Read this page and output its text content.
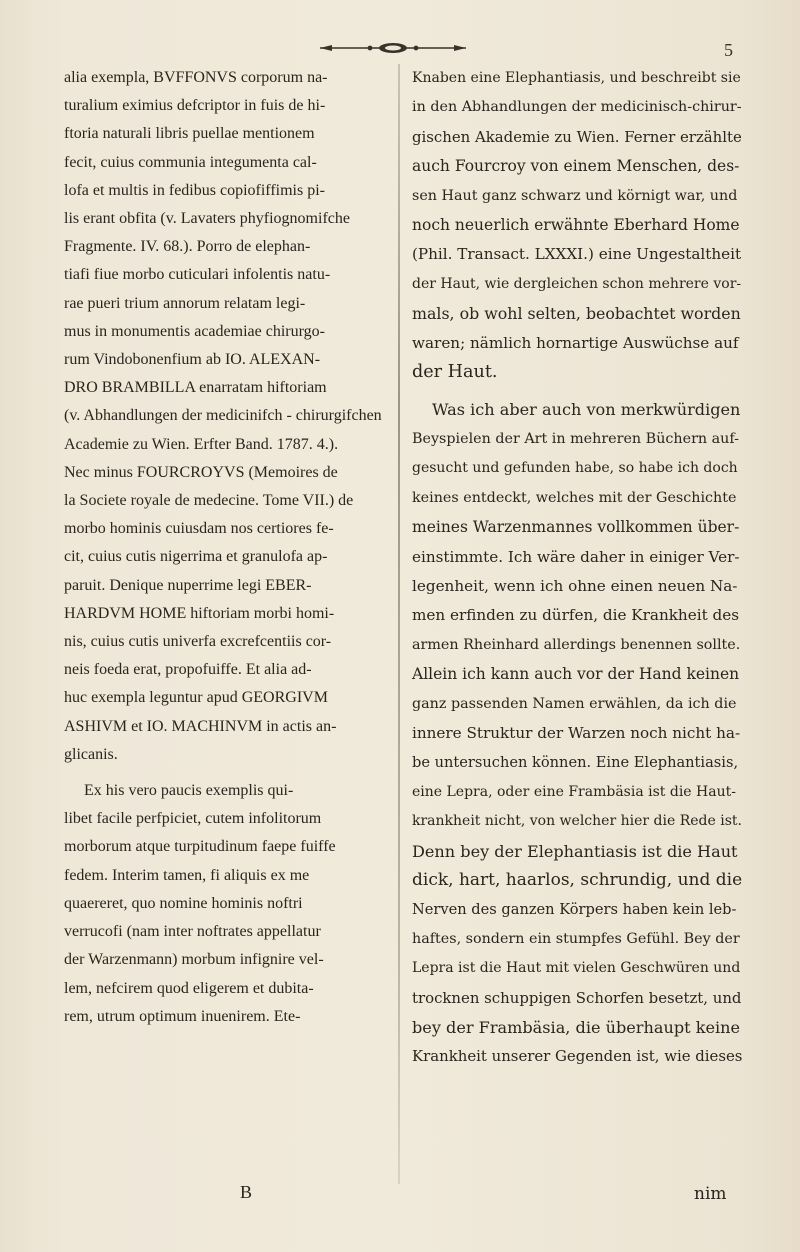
5
alia exempla, BVFFONVS corporum na-
turalium eximius defcriptor in fuis de hi-
ftoria naturali libris puellae mentionem
fecit, cuius communia integumenta cal-
lofa et multis in fedibus copiofiffimis pi-
lis erant obfita (v. Lavaters phyfiognomifche
Fragmente. IV. 68.). Porro de elephan-
tiafi fiue morbo cuticulari infolentis natu-
rae pueri trium annorum relatam legi-
mus in monumentis academiae chirurgo-
rum Vindobonenfium ab IO. ALEXAN-
DRO BRAMBILLA enarratam hiftoriam
(v. Abhandlungen der medicinifch - chirurgifchen
Academie zu Wien. Erfter Band. 1787. 4.).
Nec minus FOURCROYVS (Memoires de
la Societe royale de medecine. Tome VII.) de
morbo hominis cuiusdam nos certiores fe-
cit, cuius cutis nigerrima et granulofa ap-
paruit. Denique nuperrime legi EBER-
HARDVM HOME hiftoriam morbi homi-
nis, cuius cutis univerfa excrefcentiis cor-
neis foeda erat, propofuiffe. Et alia ad-
huc exempla leguntur apud GEORGIVM
ASHIVM et IO. MACHINVM in actis an-
glicanis.
Ex his vero paucis exemplis qui-
libet facile perfpiciet, cutem infolitorum
morborum atque turpitudinum faepe fuiffe
fedem. Interim tamen, fi aliquis ex me
quaereret, quo nomine hominis noftri
verrucofi (nam inter noftrates appellatur
der Warzenmann) morbum infignire vel-
lem, nefcirem quod eligerem et dubita-
rem, utrum optimum inuenirem. Ete-
Knaben eine Elephantiasis, und beschreibt sie
in den Abhandlungen der medicinisch-chirur-
gischen Akademie zu Wien. Ferner erzählte
auch Fourcroy von einem Menschen, des-
sen Haut ganz schwarz und körnigt war, und
noch neuerlich erwähnte Eberhard Home
(Phil. Transact. LXXXI.) eine Ungestaltheit
der Haut, wie dergleichen schon mehrere vor-
mals, ob wohl selten, beobachtet worden
waren; nämlich hornartige Auswüchse auf
der Haut.
Was ich aber auch von merkwürdigen
Beyspielen der Art in mehreren Büchern auf-
gesucht und gefunden habe, so habe ich doch
keines entdeckt, welches mit der Geschichte
meines Warzenmannes vollkommen über-
einstimmte. Ich wäre daher in einiger Ver-
legenheit, wenn ich ohne einen neuen Na-
men erfinden zu dürfen, die Krankheit des
armen Rheinhard allerdings benennen sollte.
Allein ich kann auch vor der Hand keinen
ganz passenden Namen erwählen, da ich die
innere Struktur der Warzen noch nicht ha-
be untersuchen können. Eine Elephantiasis,
eine Lepra, oder eine Frambäsia ist die Haut-
krankheit nicht, von welcher hier die Rede ist.
Denn bey der Elephantiasis ist die Haut
dick, hart, haarlos, schrundig, und die
Nerven des ganzen Körpers haben kein leb-
haftes, sondern ein stumpfes Gefühl. Bey der
Lepra ist die Haut mit vielen Geschwüren und
trocknen schuppigen Schorfen besetzt, und
bey der Frambäsia, die überhaupt keine
Krankheit unserer Gegenden ist, wie dieses
B	nim
